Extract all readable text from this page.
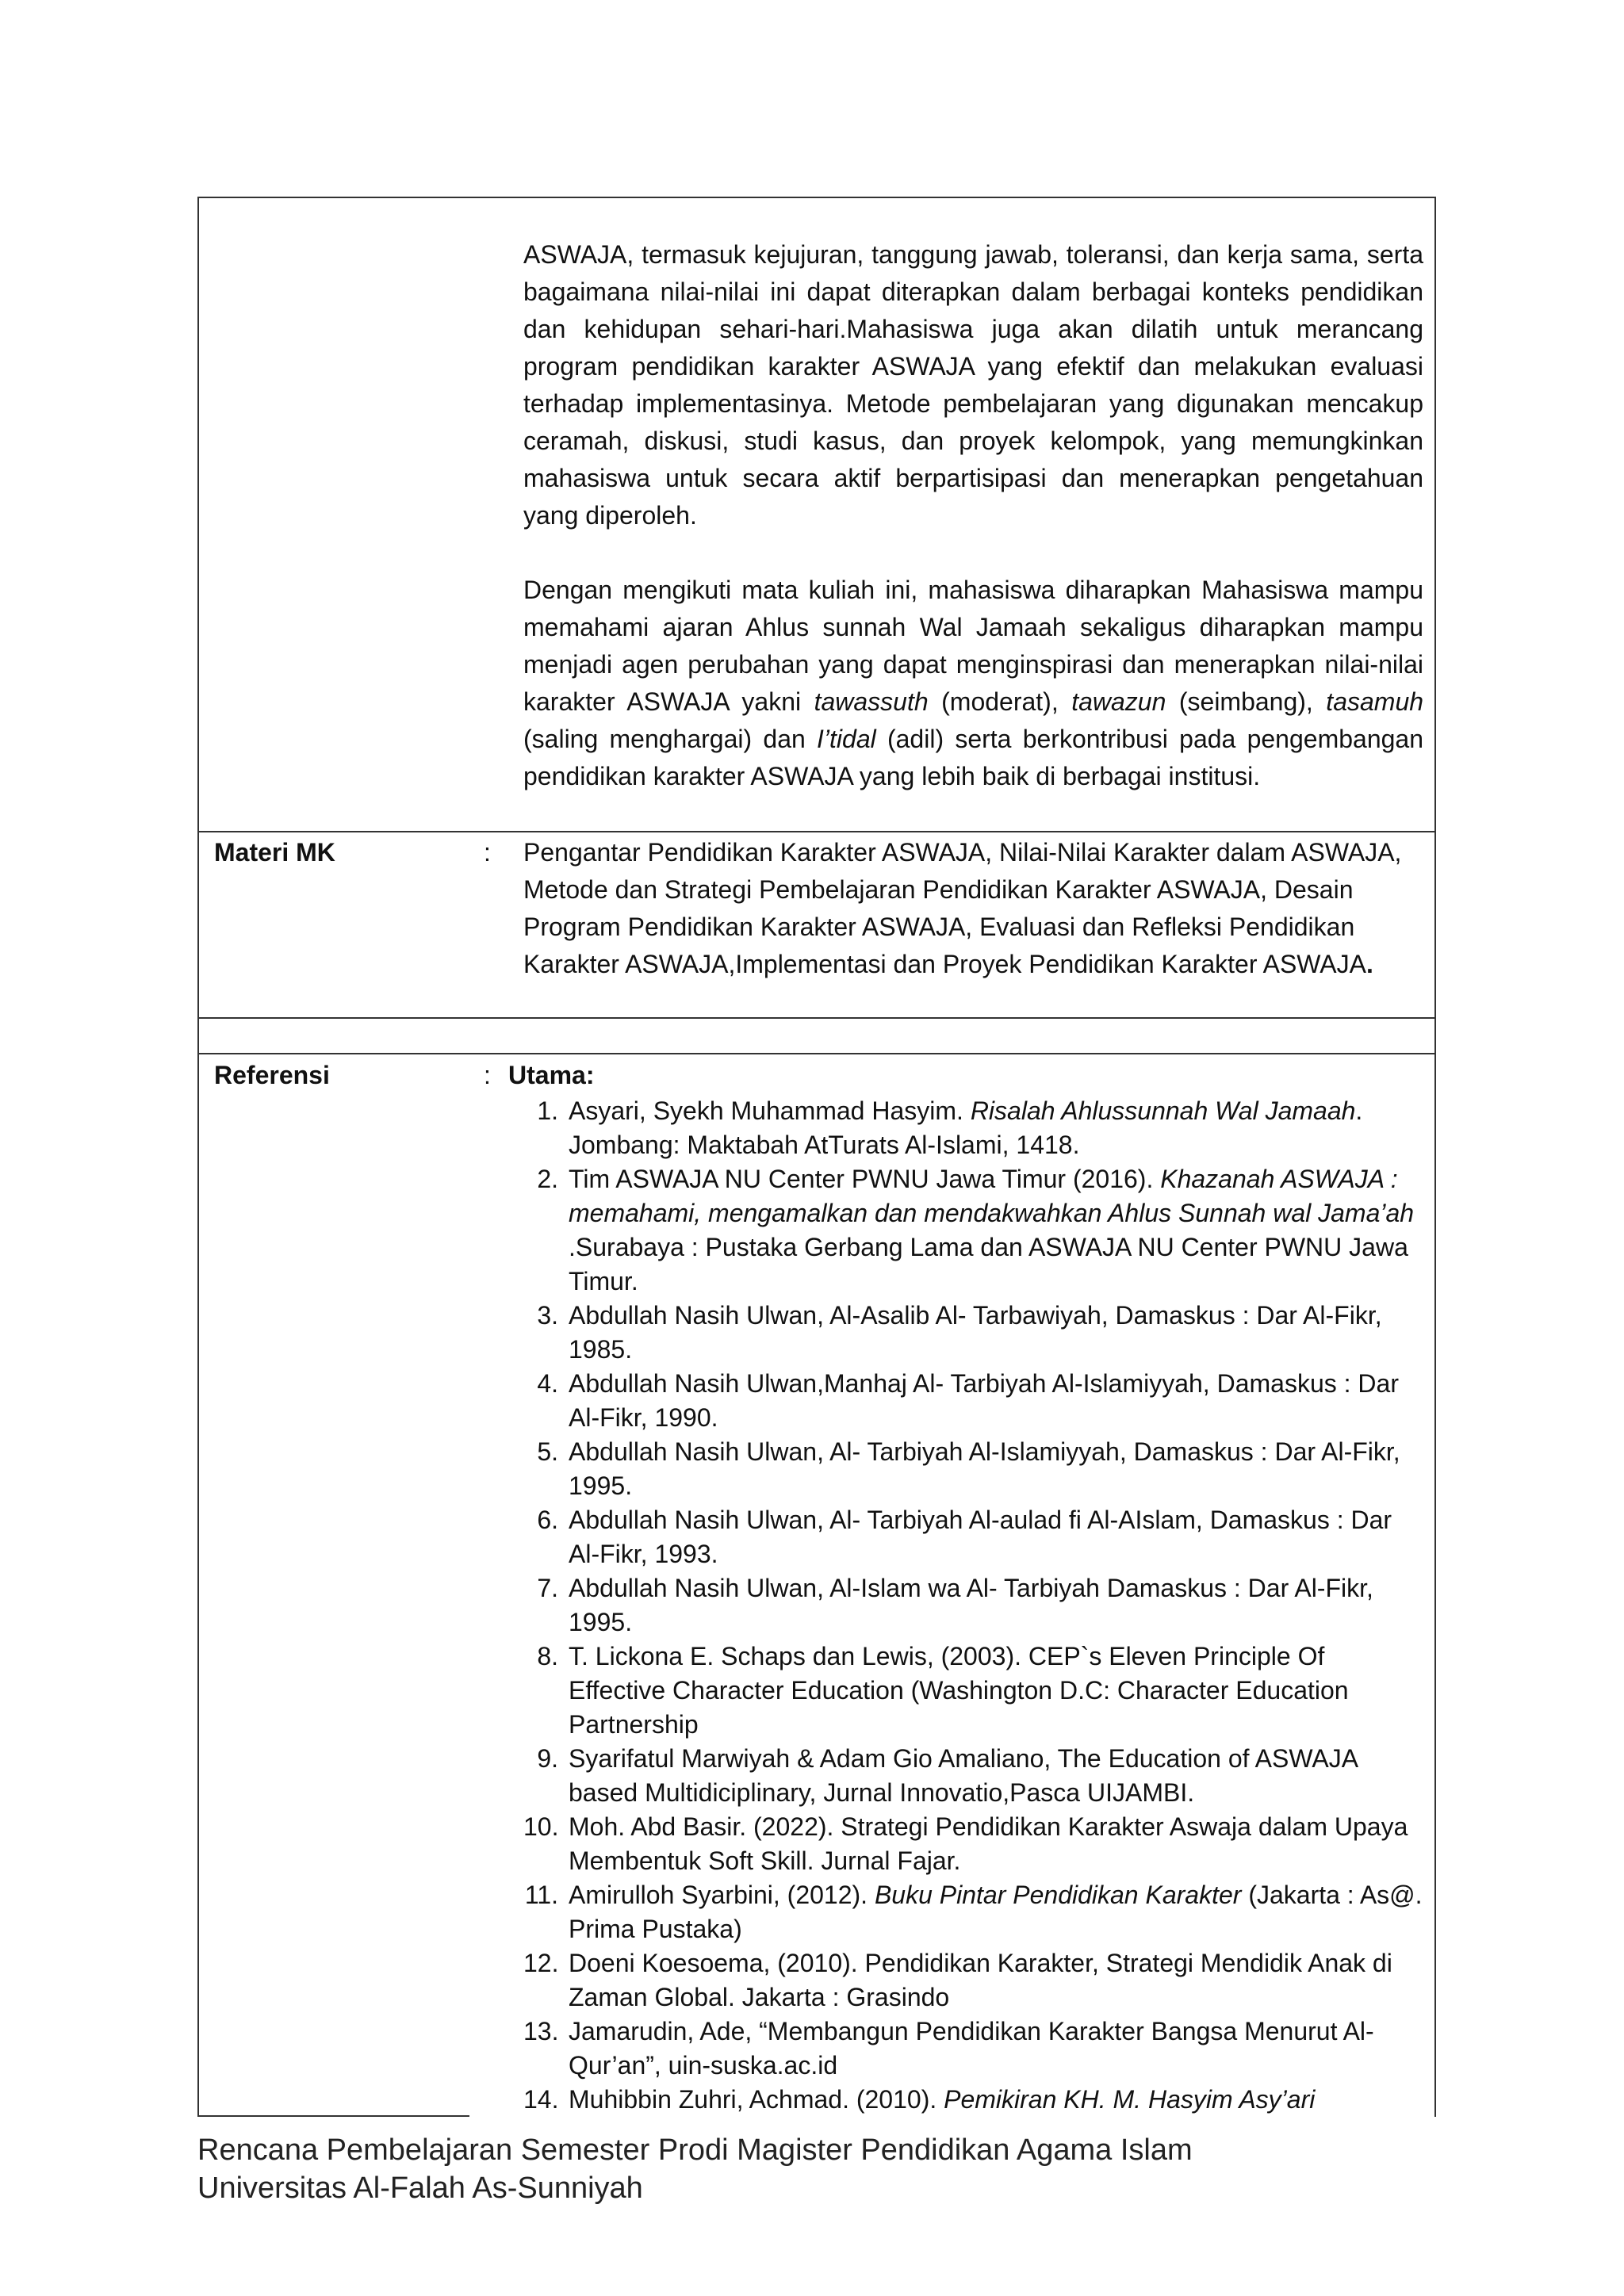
ASWAJA, termasuk kejujuran, tanggung jawab, toleransi, dan kerja sama, serta bagaimana nilai-nilai ini dapat diterapkan dalam berbagai konteks pendidikan dan kehidupan sehari-hari.Mahasiswa juga akan dilatih untuk merancang program pendidikan karakter ASWAJA yang efektif dan melakukan evaluasi terhadap implementasinya. Metode pembelajaran yang digunakan mencakup ceramah, diskusi, studi kasus, dan proyek kelompok, yang memungkinkan mahasiswa untuk secara aktif berpartisipasi dan menerapkan pengetahuan yang diperoleh.

Dengan mengikuti mata kuliah ini, mahasiswa diharapkan Mahasiswa mampu memahami ajaran Ahlus sunnah Wal Jamaah sekaligus diharapkan mampu menjadi agen perubahan yang dapat menginspirasi dan menerapkan nilai-nilai karakter ASWAJA yakni tawassuth (moderat), tawazun (seimbang), tasamuh (saling menghargai) dan I’tidal (adil) serta berkontribusi pada pengembangan pendidikan karakter ASWAJA yang lebih baik di berbagai institusi.

Materi MK	: Pengantar Pendidikan Karakter ASWAJA, Nilai-Nilai Karakter dalam ASWAJA, Metode dan Strategi Pembelajaran Pendidikan Karakter ASWAJA, Desain Program Pendidikan Karakter ASWAJA, Evaluasi dan Refleksi Pendidikan Karakter ASWAJA,Implementasi dan Proyek Pendidikan Karakter ASWAJA.
Referensi	: Utama:
1. Asyari, Syekh Muhammad Hasyim. Risalah Ahlussunnah Wal Jamaah. Jombang: Maktabah AtTurats Al-Islami, 1418.
2. Tim ASWAJA NU Center PWNU Jawa Timur (2016). Khazanah ASWAJA : memahami, mengamalkan dan mendakwahkan Ahlus Sunnah wal Jama’ah .Surabaya : Pustaka Gerbang Lama dan ASWAJA NU Center PWNU Jawa Timur.
3. Abdullah Nasih Ulwan, Al-Asalib Al- Tarbawiyah, Damaskus : Dar Al-Fikr, 1985.
4. Abdullah Nasih Ulwan,Manhaj Al- Tarbiyah Al-Islamiyyah, Damaskus : Dar Al-Fikr, 1990.
5. Abdullah Nasih Ulwan, Al- Tarbiyah Al-Islamiyyah, Damaskus : Dar Al-Fikr, 1995.
6. Abdullah Nasih Ulwan, Al- Tarbiyah Al-aulad fi Al-AIslam, Damaskus : Dar Al-Fikr, 1993.
7. Abdullah Nasih Ulwan, Al-Islam wa Al- Tarbiyah Damaskus : Dar Al-Fikr, 1995.
8. T. Lickona E. Schaps dan Lewis, (2003). CEP`s Eleven Principle Of Effective Character Education (Washington D.C: Character Education Partnership
9. Syarifatul Marwiyah & Adam Gio Amaliano, The Education of ASWAJA based Multidiciplinary, Jurnal Innovatio,Pasca UIJAMBI.
10. Moh. Abd Basir. (2022). Strategi Pendidikan Karakter Aswaja dalam Upaya Membentuk Soft Skill. Jurnal Fajar.
11. Amirulloh Syarbini, (2012). Buku Pintar Pendidikan Karakter (Jakarta : As@. Prima Pustaka)
12. Doeni Koesoema, (2010). Pendidikan Karakter, Strategi Mendidik Anak di Zaman Global. Jakarta : Grasindo
13. Jamarudin, Ade, “Membangun Pendidikan Karakter Bangsa Menurut Al-Qur’an”, uin-suska.ac.id
14. Muhibbin Zuhri, Achmad. (2010). Pemikiran KH. M. Hasyim Asy’ari
Rencana Pembelajaran Semester Prodi Magister Pendidikan Agama Islam
Universitas Al-Falah As-Sunniyah
